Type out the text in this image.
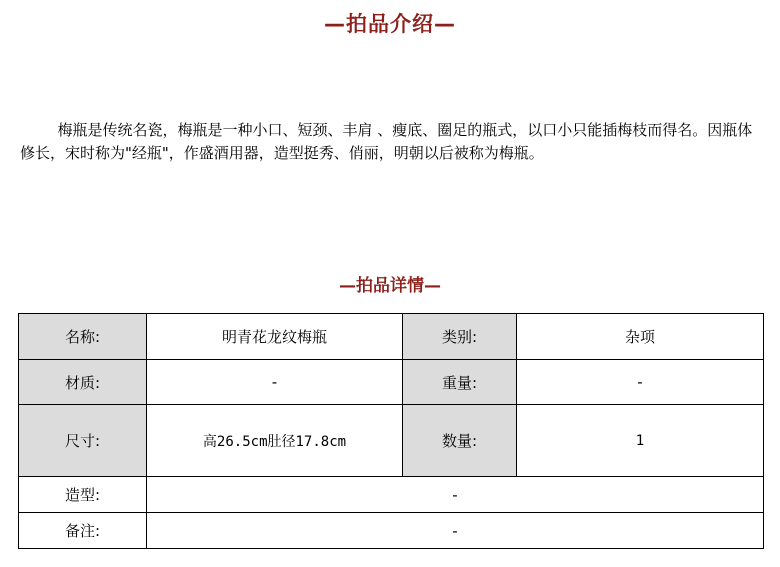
—拍品介绍—

梅瓶是传统名瓷，梅瓶是一种小口、短颈、丰肩 、瘦底、圈足的瓶式，以口小只能插梅枝而得名。因瓶体修长，宋时称为"经瓶"，作盛酒用器，造型挺秀、俏丽，明朝以后被称为梅瓶。

—拍品详情—
名称:	明青花龙纹梅瓶	类别:	杂项
材质:	-	重量:	-
尺寸:	高26.5cm肚径17.8cm	数量:	1
造型:	-		
备注:	-		
